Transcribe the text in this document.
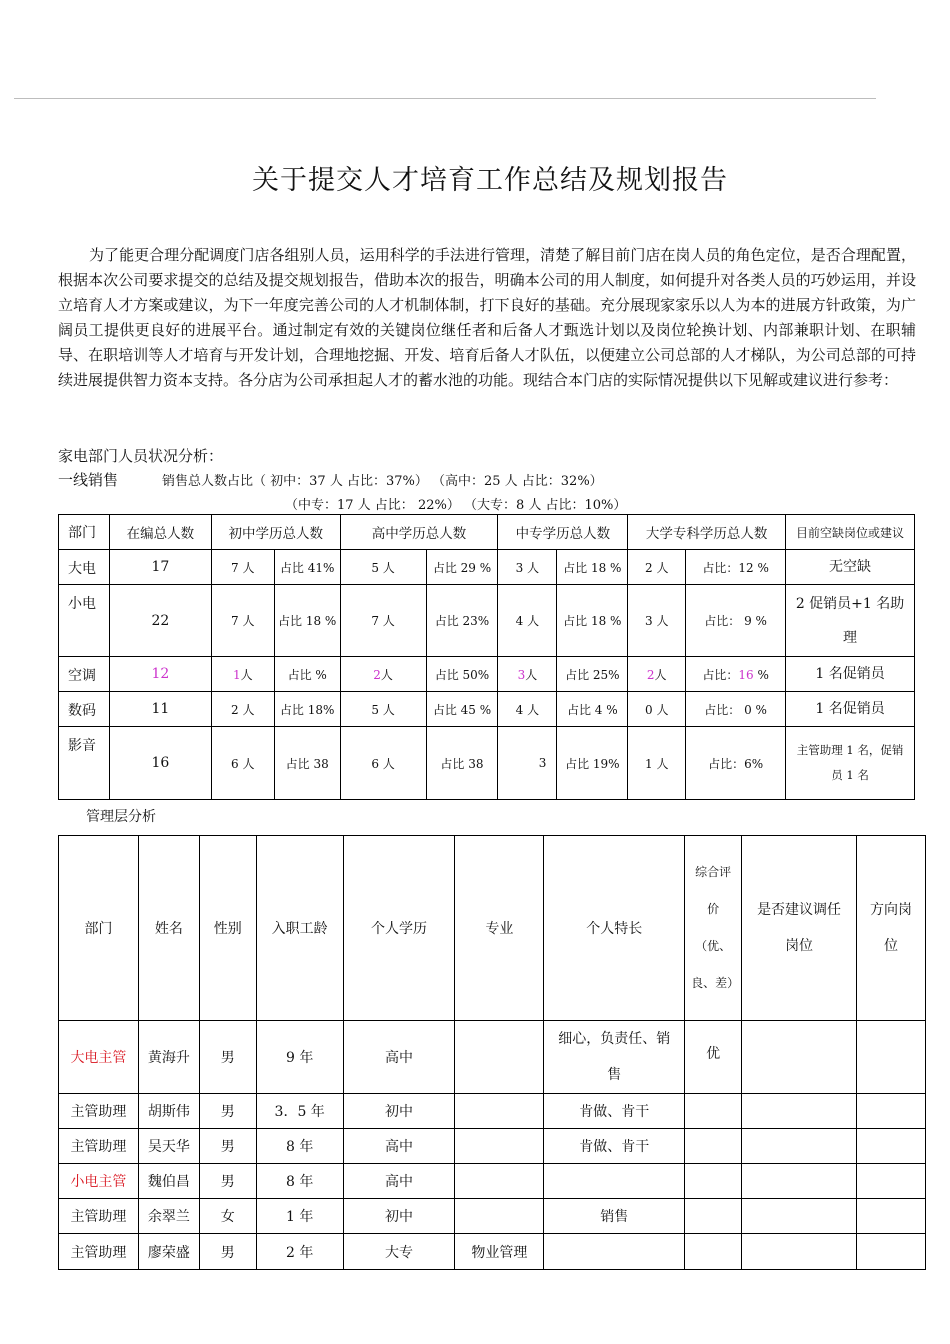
关于提交人才培育工作总结及规划报告
为了能更合理分配调度门店各组别人员，运用科学的手法进行管理，清楚了解目前门店在岗人员的角色定位，是否合理配置，根据本次公司要求提交的总结及提交规划报告，借助本次的报告，明确本公司的用人制度，如何提升对各类人员的巧妙运用，并设立培育人才方案或建议，为下一年度完善公司的人才机制体制，打下良好的基础。充分展现家家乐以人为本的进展方针政策，为广阔员工提供更良好的进展平台。通过制定有效的关键岗位继任者和后备人才甄选计划以及岗位轮换计划、内部兼职计划、在职辅导、在职培训等人才培育与开发计划，合理地挖掘、开发、培育后备人才队伍，以便建立公司总部的人才梯队，为公司总部的可持续进展提供智力资本支持。各分店为公司承担起人才的蓄水池的功能。现结合本门店的实际情况提供以下见解或建议进行参考：
家电部门人员状况分析：
一线销售	销售总人数占比（ 初中：37 人 占比：37%） （高中：25 人 占比：32%）
（中专：17 人 占比： 22%） （大专：8 人 占比：10%）
部门	在编总人数	初中学历总人数		高中学历总人数		中专学历总人数		大学专科学历总人数		目前空缺岗位或建议
大电	17	7 人	占比 41%	5 人	占比 29 %	3 人	占比 18 %	2 人	占比：12 %	无空缺
小电	22	7 人	占比 18 %	7 人	占比 23%	4 人	占比 18 %	3 人	占比： 9 %	2 促销员+1 名助理
空调	12	1人	占比 %	2人	占比 50%	3人	占比 25%	2人	占比：16 %	1 名促销员
数码	11	2 人	占比 18%	5 人	占比 45 %	4 人	占比 4 %	0 人	占比： 0 %	1 名促销员
影音	16	6 人	占比 38	6 人	占比 38	3	占比 19%	1 人	占比：6%	主管助理 1 名，促销员 1 名
管理层分析
部门	姓名	性别	入职工龄	个人学历	专业	个人特长	综合评价（优、良、差）	是否建议调任岗位	方向岗位
大电主管	黄海升	男	9 年	高中		细心，负责任、销售	优		
主管助理	胡斯伟	男	3．5 年	初中		肯做、肯干			
主管助理	吴天华	男	8 年	高中		肯做、肯干			
小电主管	魏伯昌	男	8 年	高中					
主管助理	余翠兰	女	1 年	初中		销售			
主管助理	廖荣盛	男	2 年	大专	物业管理				
